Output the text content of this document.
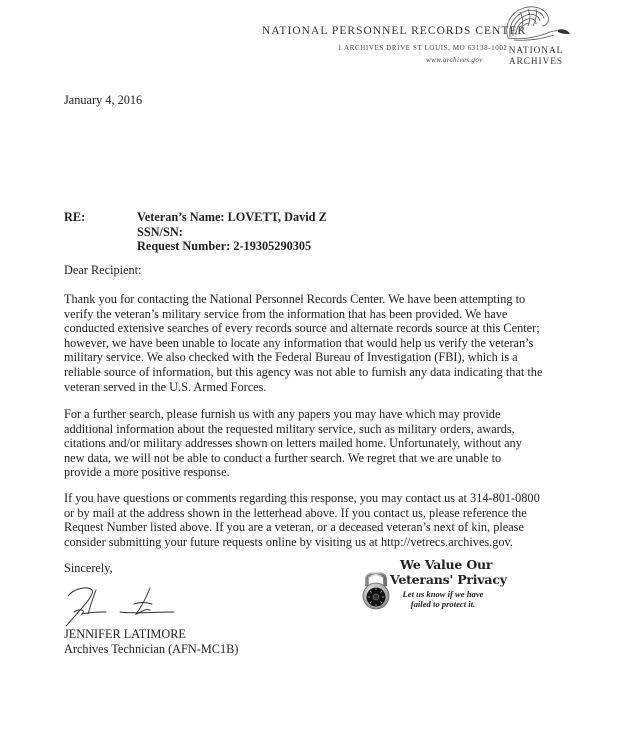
NATIONAL PERSONNEL RECORDS CENTER
1 ARCHIVES DRIVE ST LOUIS, MO 63138-1002
www.archives.gov
NATIONAL
ARCHIVES
January 4, 2016
RE:	Veteran’s Name: LOVETT, David Z
SSN/SN:
Request Number: 2-19305290305
Dear Recipient:
Thank you for contacting the National Personnel Records Center. We have been attempting to
verify the veteran’s military service from the information that has been provided. We have
conducted extensive searches of every records source and alternate records source at this Center;
however, we have been unable to locate any information that would help us verify the veteran’s
military service. We also checked with the Federal Bureau of Investigation (FBI), which is a
reliable source of information, but this agency was not able to furnish any data indicating that the
veteran served in the U.S. Armed Forces.
For a further search, please furnish us with any papers you may have which may provide
additional information about the requested military service, such as military orders, awards,
citations and/or military addresses shown on letters mailed home. Unfortunately, without any
new data, we will not be able to conduct a further search. We regret that we are unable to
provide a more positive response.
If you have questions or comments regarding this response, you may contact us at 314-801-0800
or by mail at the address shown in the letterhead above. If you contact us, please reference the
Request Number listed above. If you are a veteran, or a deceased veteran’s next of kin, please
consider submitting your future requests online by visiting us at http://vetrecs.archives.gov.
Sincerely,
JENNIFER LATIMORE
Archives Technician (AFN-MC1B)
We Value Our
Veterans' Privacy
Let us know if we have
failed to protect it.
